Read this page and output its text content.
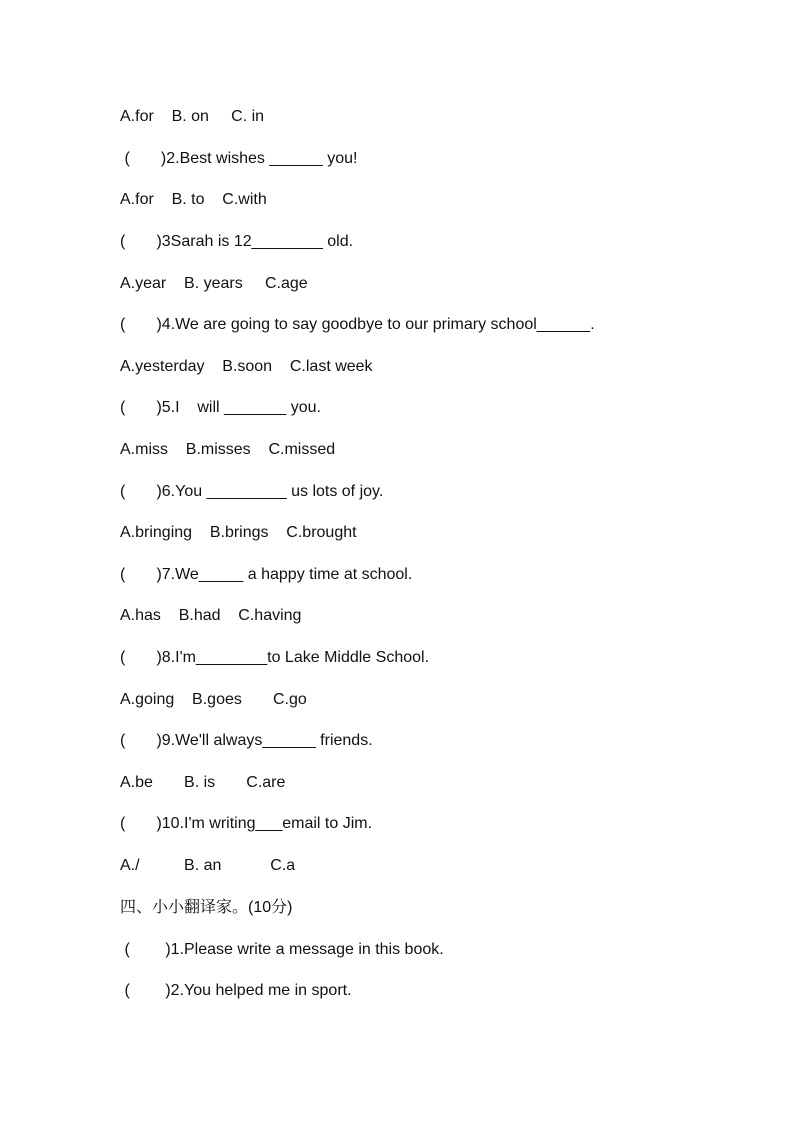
A.for    B. on     C. in
(       )2.Best wishes ______ you!
A.for    B. to    C.with
(       )3Sarah is 12________ old.
A.year    B. years     C.age
(       )4.We are going to say goodbye to our primary school______.
A.yesterday    B.soon    C.last week
(       )5.I    will _______ you.
A.miss    B.misses    C.missed
(       )6.You _________ us lots of joy.
A.bringing    B.brings    C.brought
(       )7.We_____ a happy time at school.
A.has    B.had    C.having
(       )8.I'm________to Lake Middle School.
A.going    B.goes       C.go
(       )9.We'll always______ friends.
A.be       B. is       C.are
(       )10.I'm writing___email to Jim.
A./          B. an           C.a
四、小小翻译家。(10分)
(        )1.Please write a message in this book.
(        )2.You helped me in sport.
